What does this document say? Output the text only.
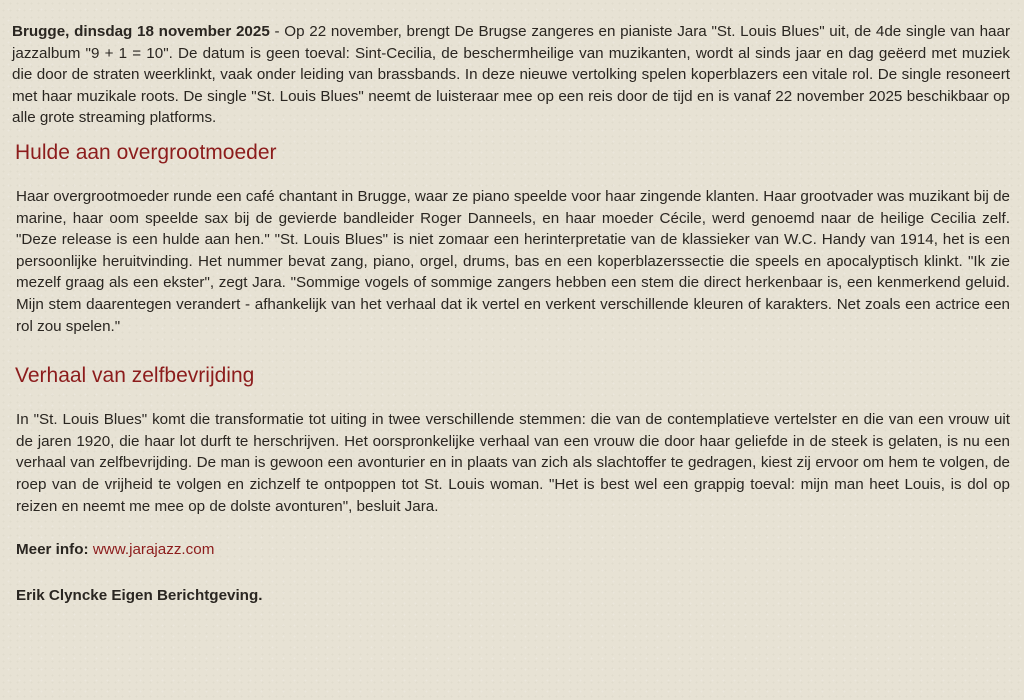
Brugge, dinsdag 18 november 2025 - Op 22 november, brengt De Brugse zangeres en pianiste Jara "St. Louis Blues" uit, de 4de single van haar jazzalbum "9 + 1 = 10". De datum is geen toeval: Sint-Cecilia, de beschermheilige van muzikanten, wordt al sinds jaar en dag geëerd met muziek die door de straten weerklinkt, vaak onder leiding van brassbands. In deze nieuwe vertolking spelen koperblazers een vitale rol. De single resoneert met haar muzikale roots. De single "St. Louis Blues" neemt de luisteraar mee op een reis door de tijd en is vanaf 22 november 2025 beschikbaar op alle grote streaming platforms.

Hulde aan overgrootmoeder

Haar overgrootmoeder runde een café chantant in Brugge, waar ze piano speelde voor haar zingende klanten. Haar grootvader was muzikant bij de marine, haar oom speelde sax bij de gevierde bandleider Roger Danneels, en haar moeder Cécile, werd genoemd naar de heilige Cecilia zelf. "Deze release is een hulde aan hen." "St. Louis Blues" is niet zomaar een herinterpretatie van de klassieker van W.C. Handy van 1914, het is een persoonlijke heruitvinding. Het nummer bevat zang, piano, orgel, drums, bas en een koperblazerssectie die speels en apocalyptisch klinkt. "Ik zie mezelf graag als een ekster", zegt Jara. "Sommige vogels of sommige zangers hebben een stem die direct herkenbaar is, een kenmerkend geluid. Mijn stem daarentegen verandert - afhankelijk van het verhaal dat ik vertel en verkent verschillende kleuren of karakters. Net zoals een actrice een rol zou spelen."

Verhaal van zelfbevrijding

In "St. Louis Blues" komt die transformatie tot uiting in twee verschillende stemmen: die van de contemplatieve vertelster en die van een vrouw uit de jaren 1920, die haar lot durft te herschrijven. Het oorspronkelijke verhaal van een vrouw die door haar geliefde in de steek is gelaten, is nu een verhaal van zelfbevrijding. De man is gewoon een avonturier en in plaats van zich als slachtoffer te gedragen, kiest zij ervoor om hem te volgen, de roep van de vrijheid te volgen en zichzelf te ontpoppen tot St. Louis woman. "Het is best wel een grappig toeval: mijn man heet Louis, is dol op reizen en neemt me mee op de dolste avonturen", besluit Jara.

Meer info: www.jarajazz.com

Erik Clyncke Eigen Berichtgeving.
